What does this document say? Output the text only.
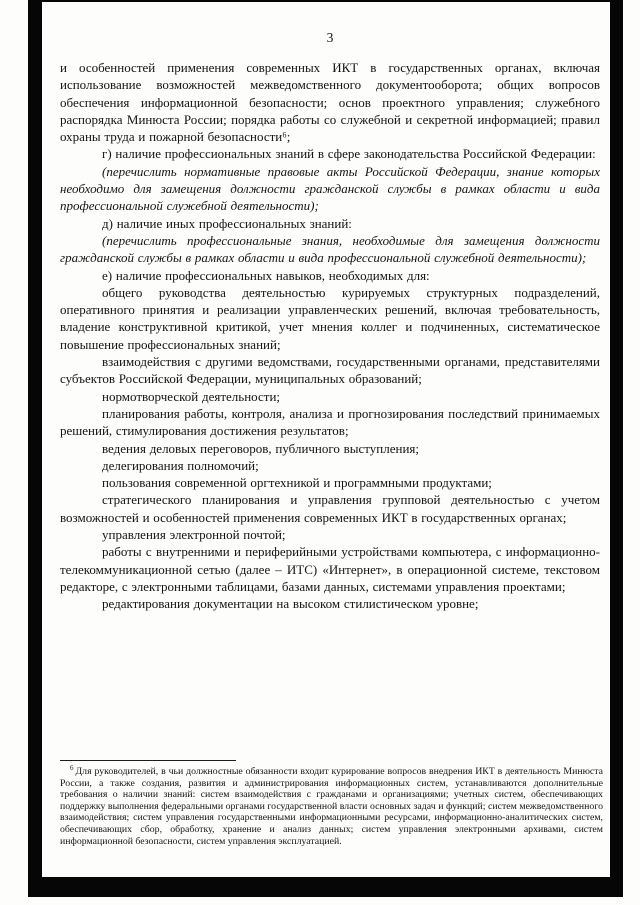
3

и особенностей применения современных ИКТ в государственных органах, включая использование возможностей межведомственного документооборота; общих вопросов обеспечения информационной безопасности; основ проектного управления; служебного распорядка Минюста России; порядка работы со служебной и секретной информацией; правил охраны труда и пожарной безопасности⁶;

г) наличие профессиональных знаний в сфере законодательства Российской Федерации:

(перечислить нормативные правовые акты Российской Федерации, знание которых необходимо для замещения должности гражданской службы в рамках области и вида профессиональной служебной деятельности);

д) наличие иных профессиональных знаний:

(перечислить профессиональные знания, необходимые для замещения должности гражданской службы в рамках области и вида профессиональной служебной деятельности);

е) наличие профессиональных навыков, необходимых для:

общего руководства деятельностью курируемых структурных подразделений, оперативного принятия и реализации управленческих решений, включая требовательность, владение конструктивной критикой, учет мнения коллег и подчиненных, систематическое повышение профессиональных знаний;

взаимодействия с другими ведомствами, государственными органами, представителями субъектов Российской Федерации, муниципальных образований;

нормотворческой деятельности;

планирования работы, контроля, анализа и прогнозирования последствий принимаемых решений, стимулирования достижения результатов;

ведения деловых переговоров, публичного выступления;

делегирования полномочий;

пользования современной оргтехникой и программными продуктами;

стратегического планирования и управления групповой деятельностью с учетом возможностей и особенностей применения современных ИКТ в государственных органах;

управления электронной почтой;

работы с внутренними и периферийными устройствами компьютера, с информационно-телекоммуникационной сетью (далее – ИТС) «Интернет», в операционной системе, текстовом редакторе, с электронными таблицами, базами данных, системами управления проектами;

редактирования документации на высоком стилистическом уровне;

$^6$ Для руководителей, в чьи должностные обязанности входит курирование вопросов внедрения ИКТ в деятельность Минюста России, а также создания, развития и администрирования информационных систем, устанавливаются дополнительные требования о наличии знаний: систем взаимодействия с гражданами и организациями; учетных систем, обеспечивающих поддержку выполнения федеральными органами государственной власти основных задач и функций; систем межведомственного взаимодействия; систем управления государственными информационными ресурсами, информационно-аналитических систем, обеспечивающих сбор, обработку, хранение и анализ данных; систем управления электронными архивами, систем информационной безопасности, систем управления эксплуатацией.
